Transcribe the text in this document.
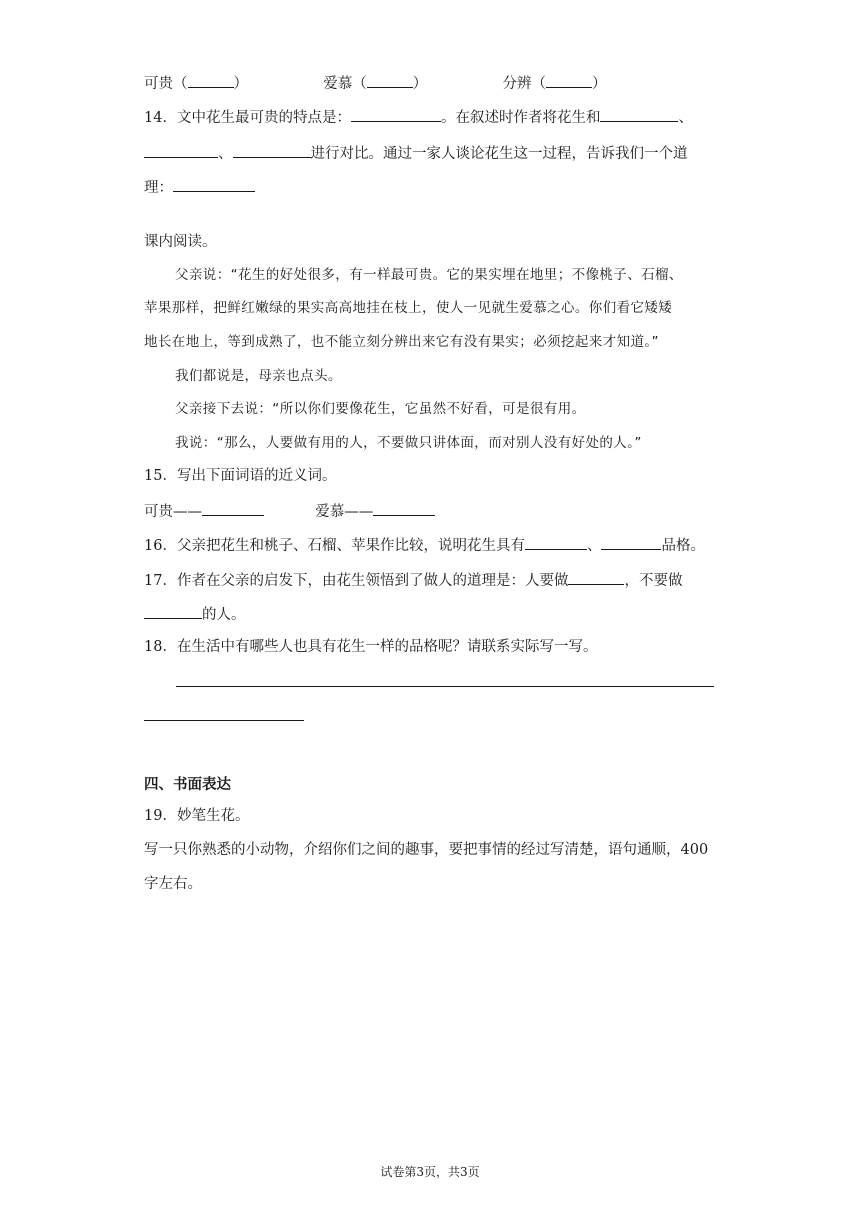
可贵（	）	爱慕（	）	分辨（	）
14．文中花生最可贵的特点是：	。在叙述时作者将花生和	、
、	进行对比。通过一家人谈论花生这一过程，告诉我们一个道
理：
课内阅读。
父亲说：“花生的好处很多，有一样最可贵。它的果实埋在地里；不像桃子、石榴、
苹果那样，把鲜红嫩绿的果实高高地挂在枝上，使人一见就生爱慕之心。你们看它矮矮
地长在地上，等到成熟了，也不能立刻分辨出来它有没有果实；必须挖起来才知道。”
我们都说是，母亲也点头。
父亲接下去说：“所以你们要像花生，它虽然不好看，可是很有用。
我说：“那么，人要做有用的人，不要做只讲体面，而对别人没有好处的人。”
15．写出下面词语的近义词。
可贵——	爱慕——
16．父亲把花生和桃子、石榴、苹果作比较，说明花生具有	、	品格。
17．作者在父亲的启发下，由花生领悟到了做人的道理是：人要做	，不要做
的人。
18．在生活中有哪些人也具有花生一样的品格呢？请联系实际写一写。
四、书面表达
19．妙笔生花。
写一只你熟悉的小动物，介绍你们之间的趣事，要把事情的经过写清楚，语句通顺，400
字左右。
试卷第3页，共3页
